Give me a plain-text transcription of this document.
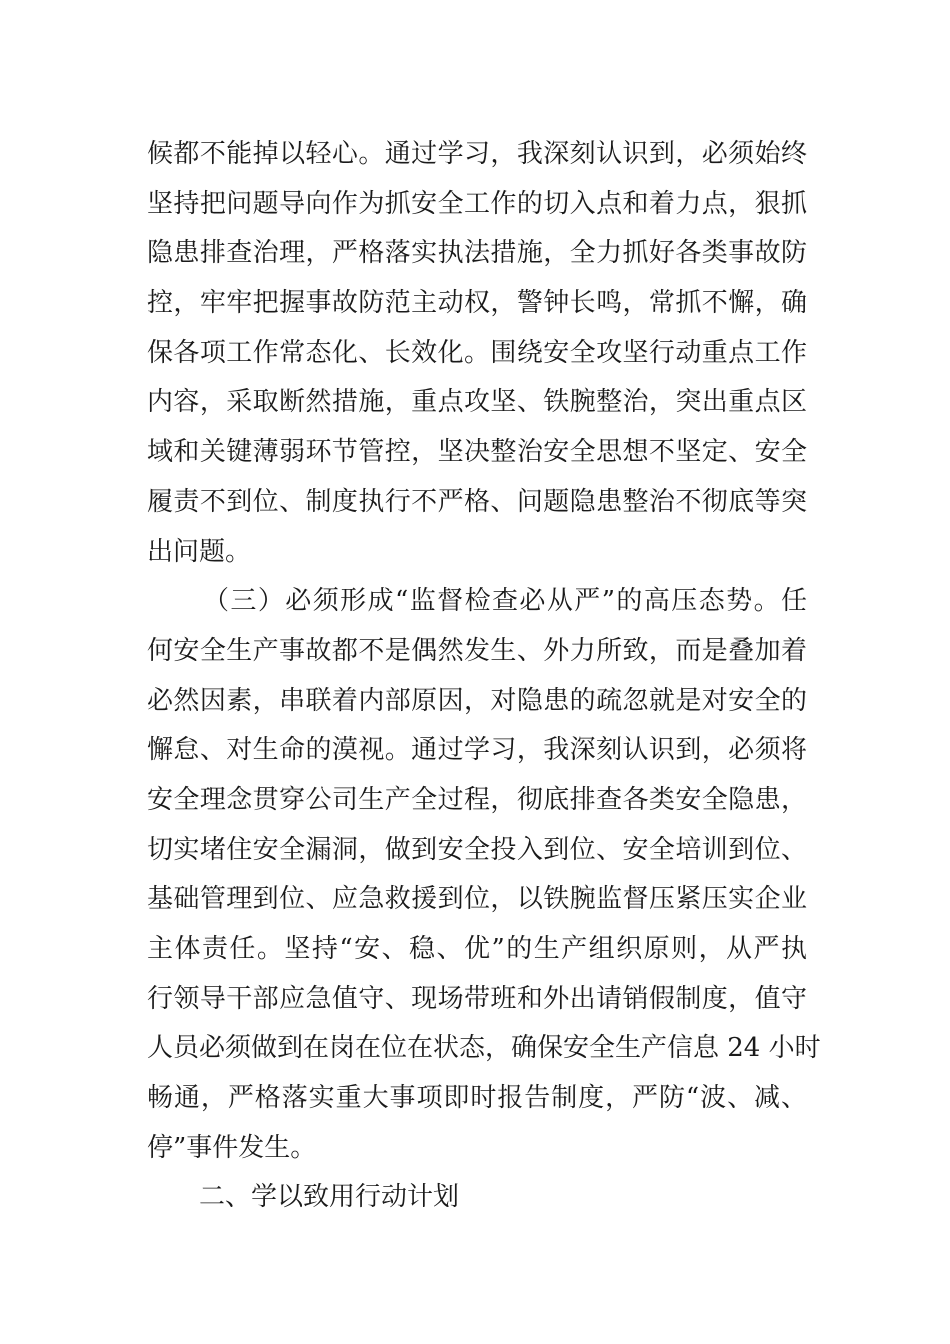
候都不能掉以轻心。通过学习，我深刻认识到，必须始终
坚持把问题导向作为抓安全工作的切入点和着力点，狠抓
隐患排查治理，严格落实执法措施，全力抓好各类事故防
控，牢牢把握事故防范主动权，警钟长鸣，常抓不懈，确
保各项工作常态化、长效化。围绕安全攻坚行动重点工作
内容，采取断然措施，重点攻坚、铁腕整治，突出重点区
域和关键薄弱环节管控，坚决整治安全思想不坚定、安全
履责不到位、制度执行不严格、问题隐患整治不彻底等突
出问题。
（三）必须形成“监督检查必从严”的高压态势。任
何安全生产事故都不是偶然发生、外力所致，而是叠加着
必然因素，串联着内部原因，对隐患的疏忽就是对安全的
懈怠、对生命的漠视。通过学习，我深刻认识到，必须将
安全理念贯穿公司生产全过程，彻底排查各类安全隐患，
切实堵住安全漏洞，做到安全投入到位、安全培训到位、
基础管理到位、应急救援到位，以铁腕监督压紧压实企业
主体责任。坚持“安、稳、优”的生产组织原则，从严执
行领导干部应急值守、现场带班和外出请销假制度，值守
人员必须做到在岗在位在状态，确保安全生产信息 24 小时
畅通，严格落实重大事项即时报告制度，严防“波、减、
停”事件发生。
二、学以致用行动计划
